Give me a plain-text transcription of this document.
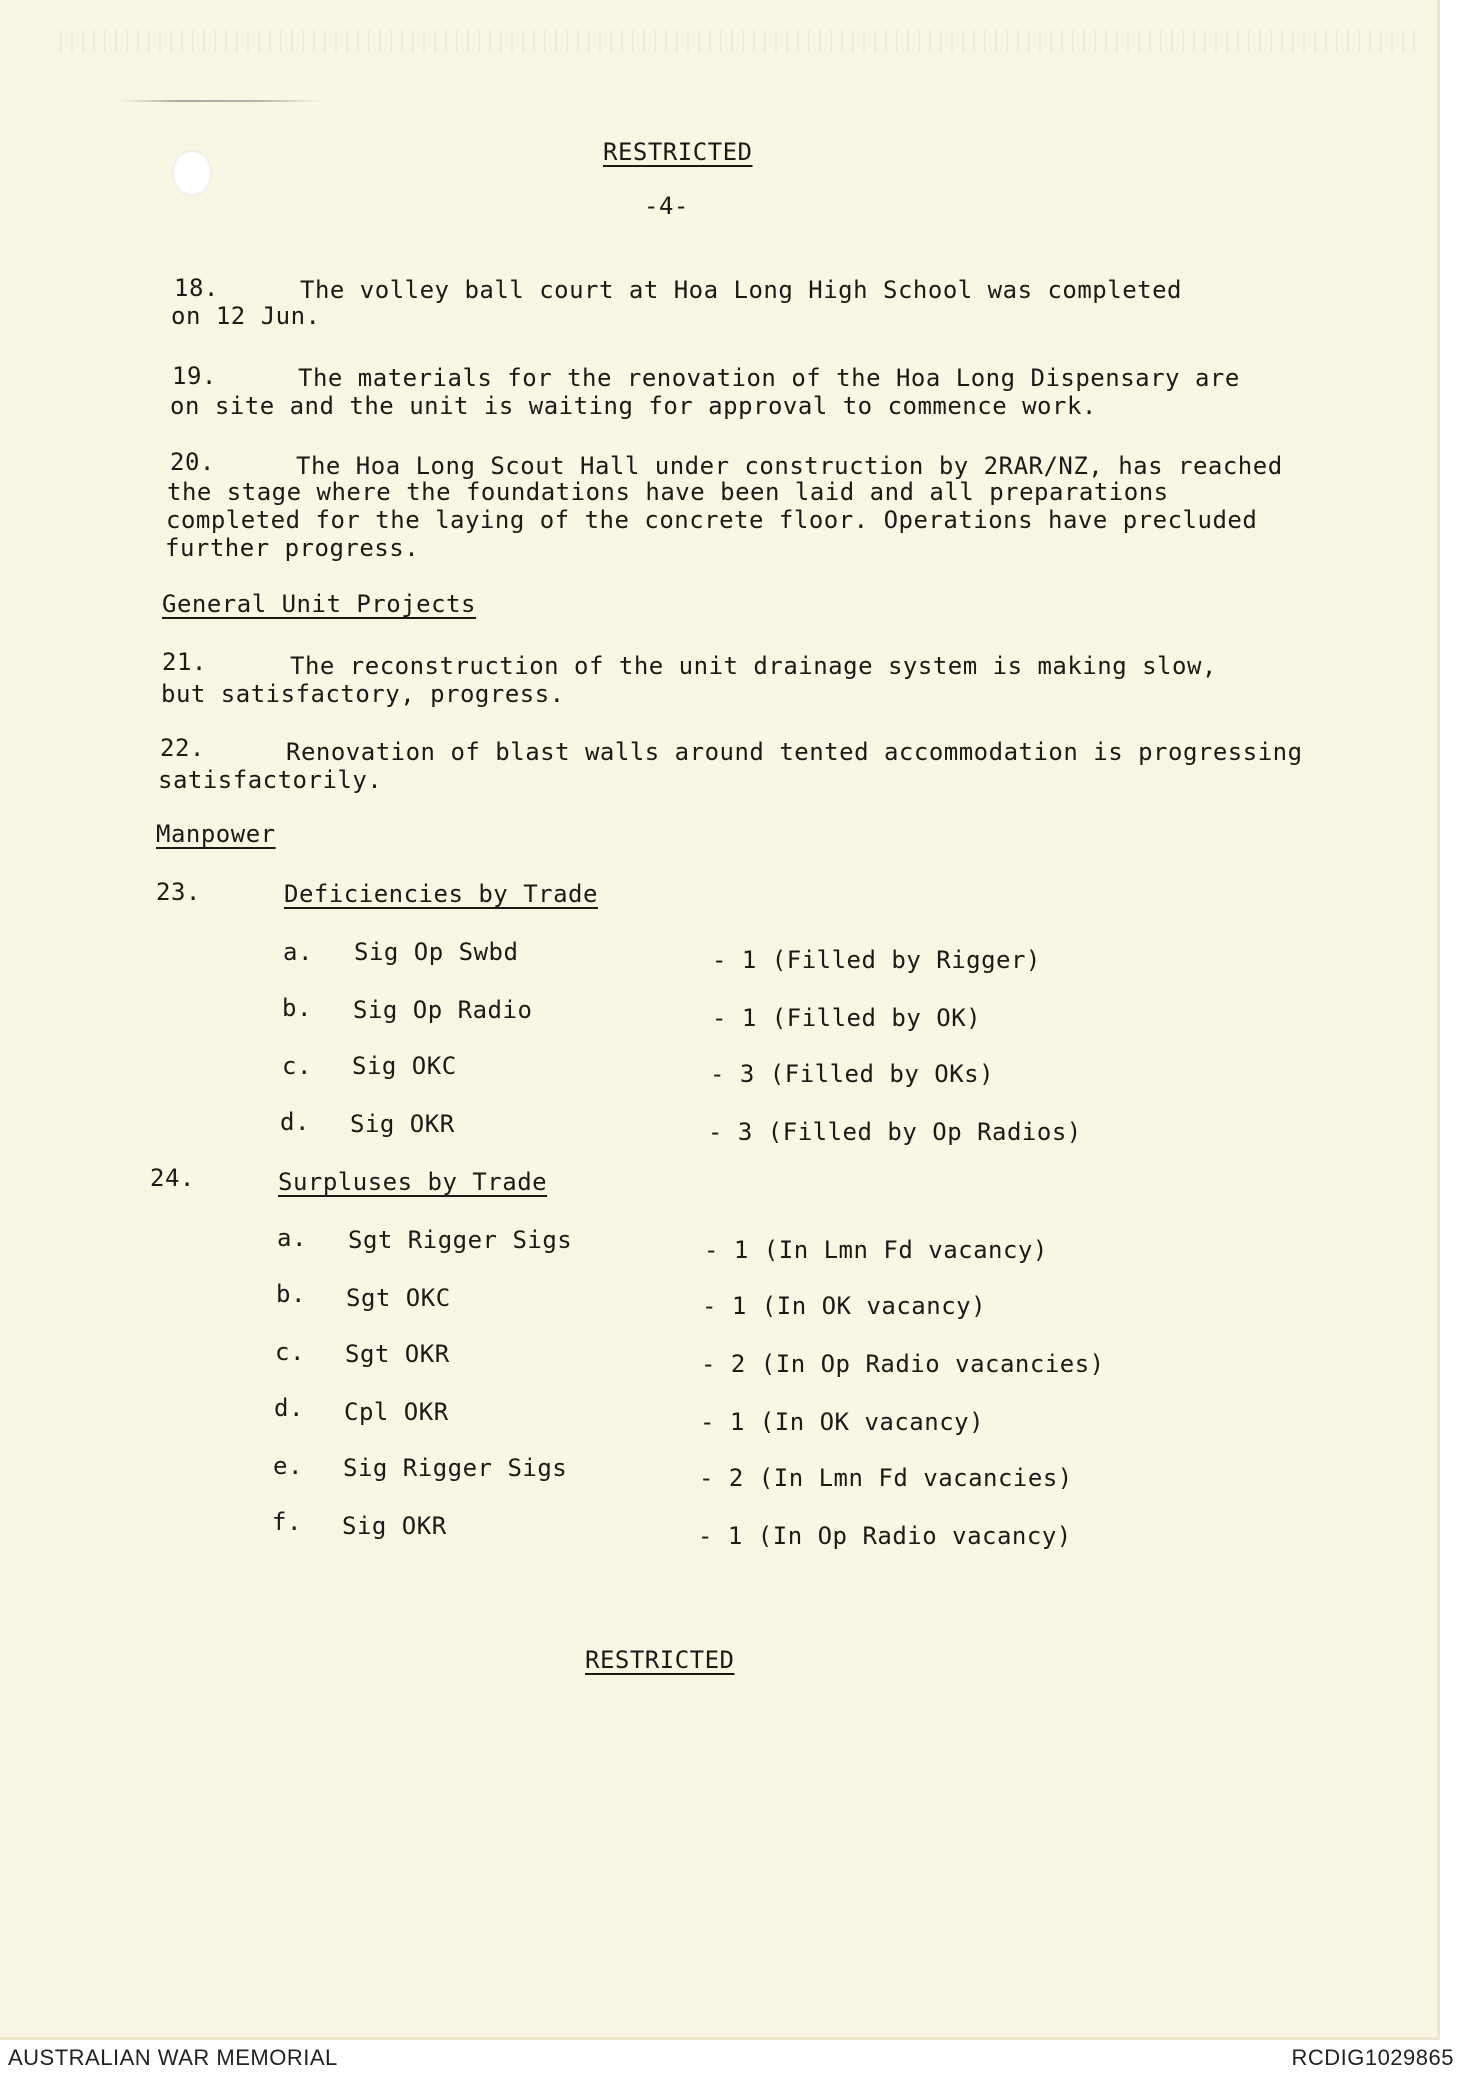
RESTRICTED
-4-
18.	The volley ball court at Hoa Long High School was completed
on 12 Jun.
19.	The materials for the renovation of the Hoa Long Dispensary are
on site and the unit is waiting for approval to commence work.
20.	The Hoa Long Scout Hall under construction by 2RAR/NZ, has reached
the stage where the foundations have been laid and all preparations
completed for the laying of the concrete floor. Operations have precluded
further progress.
General Unit Projects
21.	The reconstruction of the unit drainage system is making slow,
but satisfactory, progress.
22.	Renovation of blast walls around tented accommodation is progressing
satisfactorily.
Manpower
23.	Deficiencies by Trade
a. Sig Op Swbd	- 1 (Filled by Rigger)
b. Sig Op Radio	- 1 (Filled by OK)
c. Sig OKC	- 3 (Filled by OKs)
d. Sig OKR	- 3 (Filled by Op Radios)
24.	Surpluses by Trade
a. Sgt Rigger Sigs	- 1 (In Lmn Fd vacancy)
b. Sgt OKC	- 1 (In OK vacancy)
c. Sgt OKR	- 2 (In Op Radio vacancies)
d. Cpl OKR	- 1 (In OK vacancy)
e. Sig Rigger Sigs	- 2 (In Lmn Fd vacancies)
f. Sig OKR	- 1 (In Op Radio vacancy)
RESTRICTED
AUSTRALIAN WAR MEMORIAL	RCDIG1029865
